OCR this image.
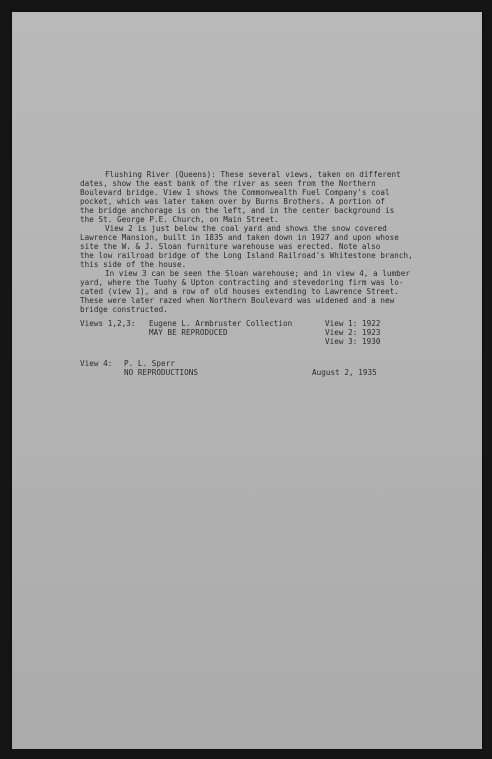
Flushing River (Queens): These several views, taken on different
dates, show the east bank of the river as seen from the Northern
Boulevard bridge. View 1 shows the Commonwealth Fuel Company's coal
pocket, which was later taken over by Burns Brothers. A portion of
the bridge anchorage is on the left, and in the center background is
the St. George P.E. Church, on Main Street.
View 2 is just below the coal yard and shows the snow covered
Lawrence Mansion, built in 1835 and taken down in 1927 and upon whose
site the W. & J. Sloan furniture warehouse was erected. Note also
the low railroad bridge of the Long Island Railroad's Whitestone branch,
this side of the house.
In view 3 can be seen the Sloan warehouse; and in view 4, a lumber
yard, where the Tuohy & Upton contracting and stevedoring firm was lo-
cated (view 1), and a row of old houses extending to Lawrence Street.
These were later razed when Northern Boulevard was widened and a new
bridge constructed.
Views 1,2,3: Eugene L. Armbruster Collection
MAY BE REPRODUCED
View 1: 1922
View 2: 1923
View 3: 1930
View 4: P. L. Sperr
NO REPRODUCTIONS	August 2, 1935
